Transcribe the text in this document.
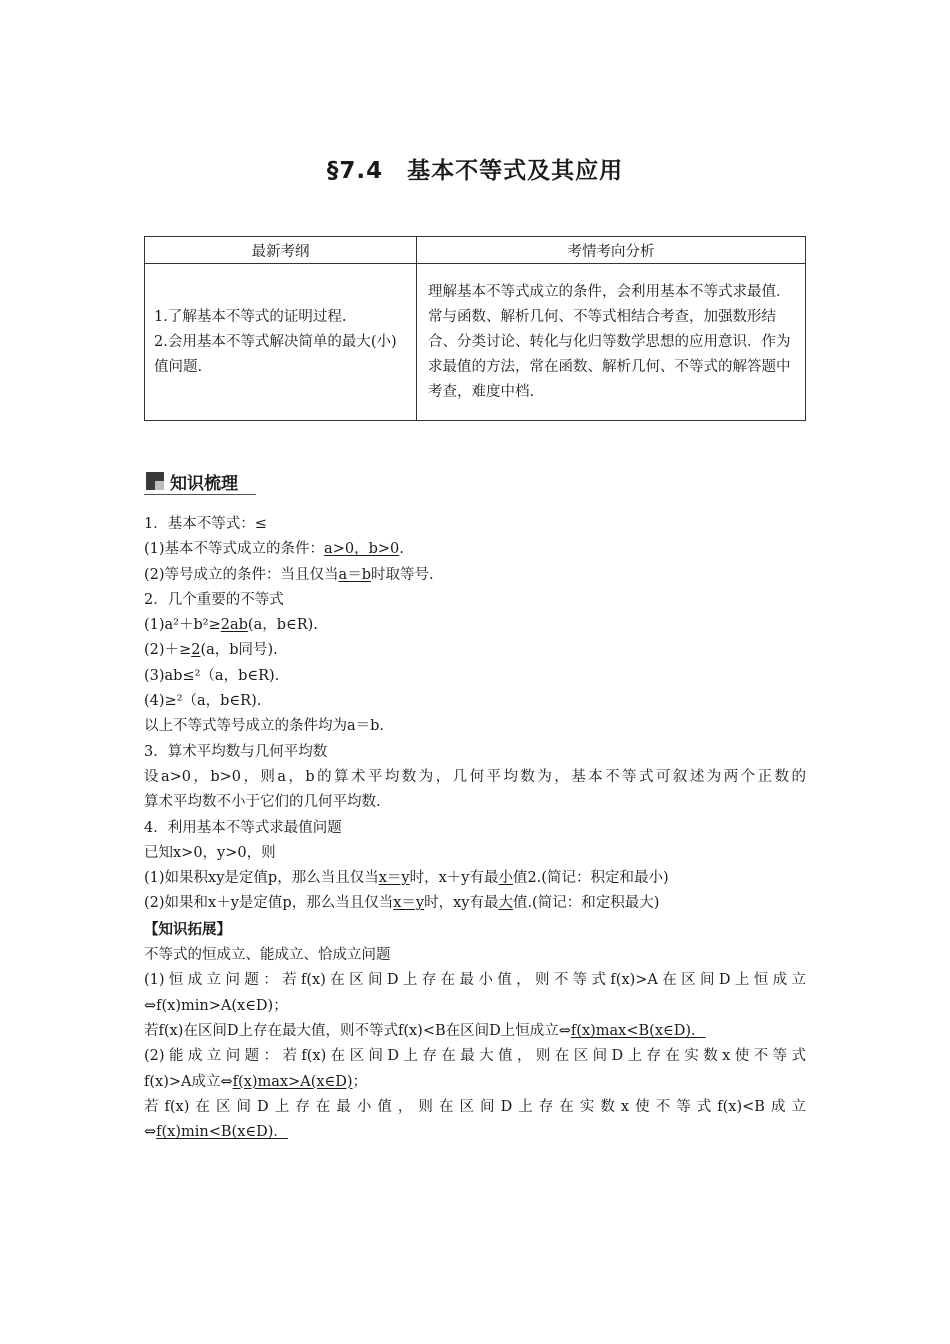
§7.4　基本不等式及其应用
最新考纲	考情考向分析

1.了解基本不等式的证明过程.
2.会用基本不等式解决简单的最大(小)值问题.	理解基本不等式成立的条件，会利用基本不等式求最值．常与函数、解析几何、不等式相结合考查，加强数形结合、分类讨论、转化与化归等数学思想的应用意识．作为求最值的方法，常在函数、解析几何、不等式的解答题中考查，难度中档.
知识梳理
1．基本不等式：≤
(1)基本不等式成立的条件：a>0，b>0.
(2)等号成立的条件：当且仅当a＝b时取等号.
2．几个重要的不等式
(1)a²＋b²≥2ab(a，b∈R).
(2)＋≥2(a，b同号).
(3)ab≤²（a，b∈R).
(4)≥²（a，b∈R).
以上不等式等号成立的条件均为a＝b.
3．算术平均数与几何平均数
设a>0，b>0，则a，b的算术平均数为，几何平均数为，基本不等式可叙述为两个正数的
算术平均数不小于它们的几何平均数.
4．利用基本不等式求最值问题
已知x>0，y>0，则
(1)如果积xy是定值p，那么当且仅当x＝y时，x＋y有最小值2.(简记：积定和最小)
(2)如果和x＋y是定值p，那么当且仅当x＝y时，xy有最大值.(简记：和定积最大)
【知识拓展】
不等式的恒成立、能成立、恰成立问题
(1)恒成立问题：若f(x)在区间D上存在最小值，则不等式f(x)>A在区间D上恒成立
⇔f(x)min>A(x∈D)；
若f(x)在区间D上存在最大值，则不等式f(x)<B在区间D上恒成立⇔f(x)max<B(x∈D)．
(2)能成立问题：若f(x)在区间D上存在最大值，则在区间D上存在实数x使不等式
f(x)>A成立⇔f(x)max>A(x∈D)；
若f(x)在区间D上存在最小值，则在区间D上存在实数x使不等式f(x)<B成立
⇔f(x)min<B(x∈D)．
